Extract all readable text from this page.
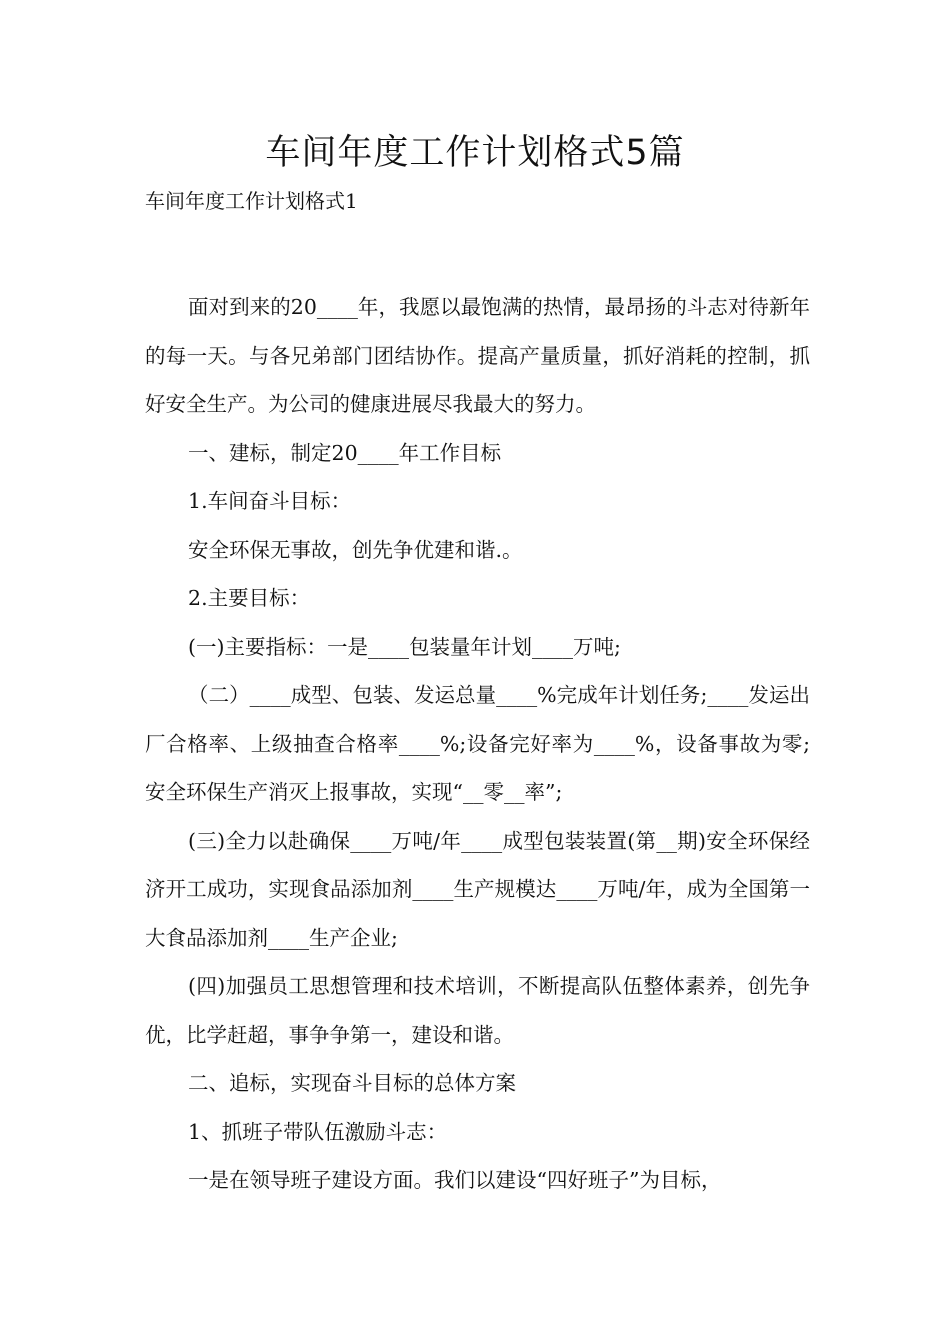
车间年度工作计划格式5篇

车间年度工作计划格式1

面对到来的20____年，我愿以最饱满的热情，最昂扬的斗志对待新年的每一天。与各兄弟部门团结协作。提高产量质量，抓好消耗的控制，抓好安全生产。为公司的健康进展尽我最大的努力。

一、建标，制定20____年工作目标

1.车间奋斗目标：

安全环保无事故，创先争优建和谐.。

2.主要目标：

(一)主要指标：一是____包装量年计划____万吨;

（二）____成型、包装、发运总量____%完成年计划任务;____发运出厂合格率、上级抽查合格率____%;设备完好率为____%，设备事故为零;安全环保生产消灭上报事故，实现“__零__率”;

(三)全力以赴确保____万吨/年____成型包装装置(第__期)安全环保经济开工成功，实现食品添加剂____生产规模达____万吨/年，成为全国第一大食品添加剂____生产企业;

(四)加强员工思想管理和技术培训，不断提高队伍整体素养，创先争优，比学赶超，事争争第一，建设和谐。

二、追标，实现奋斗目标的总体方案

1、抓班子带队伍激励斗志：

一是在领导班子建设方面。我们以建设“四好班子”为目标，
